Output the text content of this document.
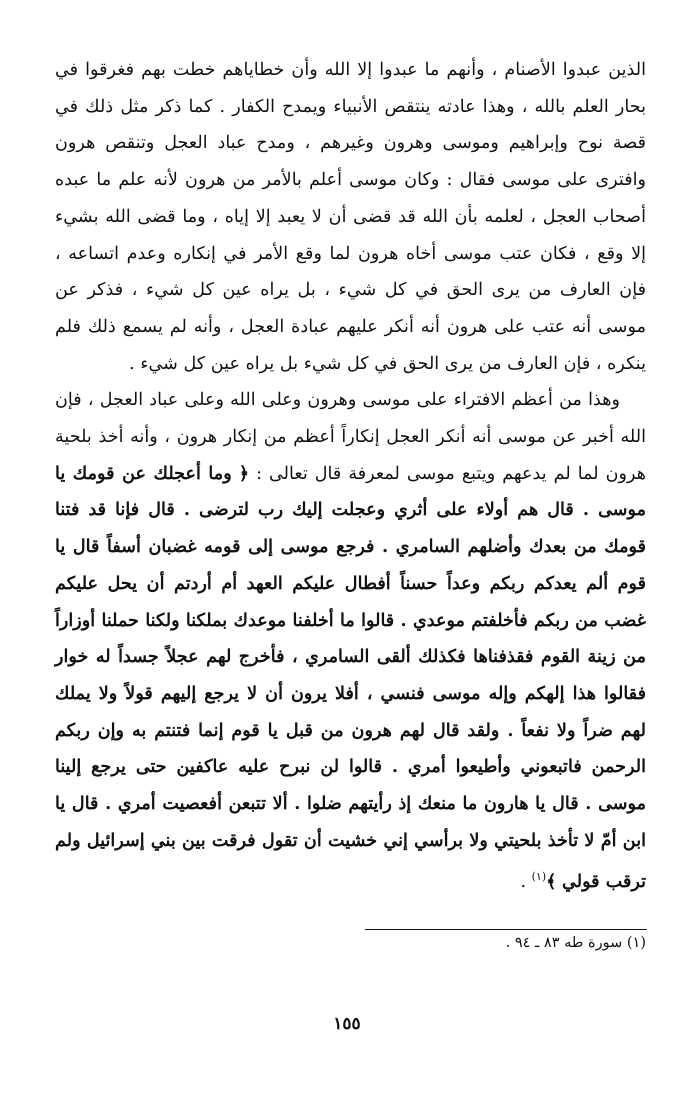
الذين عبدوا الأصنام ، وأنهم ما عبدوا إلا الله وأن خطاياهم خطت بهم فغرقوا في بحار العلم بالله ، وهذا عادته ينتقص الأنبياء ويمدح الكفار . كما ذكر مثل ذلك في قصة نوح وإبراهيم وموسى وهرون وغيرهم ، ومدح عباد العجل وتنقص هرون وافترى على موسى فقال : وكان موسى أعلم بالأمر من هرون لأنه علم ما عبده أصحاب العجل ، لعلمه بأن الله قد قضى أن لا يعبد إلا إياه ، وما قضى الله بشيء إلا وقع ، فكان عتب موسى أخاه هرون لما وقع الأمر في إنكاره وعدم اتساعه ، فإن العارف من يرى الحق في كل شيء ، بل يراه عين كل شيء ، فذكر عن موسى أنه عتب على هرون أنه أنكر عليهم عبادة العجل ، وأنه لم يسمع ذلك فلم ينكره ، فإن العارف من يرى الحق في كل شيء بل يراه عين كل شيء .

وهذا من أعظم الافتراء على موسى وهرون وعلى الله وعلى عباد العجل ، فإن الله أخبر عن موسى أنه أنكر العجل إنكاراً أعظم من إنكار هرون ، وأنه أخذ بلحية هرون لما لم يدعهم ويتبع موسى لمعرفة قال تعالى : ﴿ وما أعجلك عن قومك يا موسى . قال هم أولاء على أثري وعجلت إليك رب لترضى . قال فإنا قد فتنا قومك من بعدك وأضلهم السامري . فرجع موسى إلى قومه غضبان أسفاً قال يا قوم ألم يعدكم ربكم وعداً حسناً أفطال عليكم العهد أم أردتم أن يحل عليكم غضب من ربكم فأخلفتم موعدي . قالوا ما أخلفنا موعدك بملكنا ولكنا حملنا أوزاراً من زينة القوم فقذفناها فكذلك ألقى السامري ، فأخرج لهم عجلاً جسداً له خوار فقالوا هذا إلهكم وإله موسى فنسي ، أفلا يرون أن لا يرجع إليهم قولاً ولا يملك لهم ضراً ولا نفعاً . ولقد قال لهم هرون من قبل يا قوم إنما فتنتم به وإن ربكم الرحمن فاتبعوني وأطيعوا أمري . قالوا لن نبرح عليه عاكفين حتى يرجع إلينا موسى . قال يا هارون ما منعك إذ رأيتهم ضلوا . ألا تتبعن أفعصيت أمري . قال يا ابن أمّ لا تأخذ بلحيتي ولا برأسي إني خشيت أن تقول فرقت بين بني إسرائيل ولم ترقب قولي ﴾$^{(١)}$ .

(١) سورة طه ٨٣ ـ ٩٤ .
١٥٥
